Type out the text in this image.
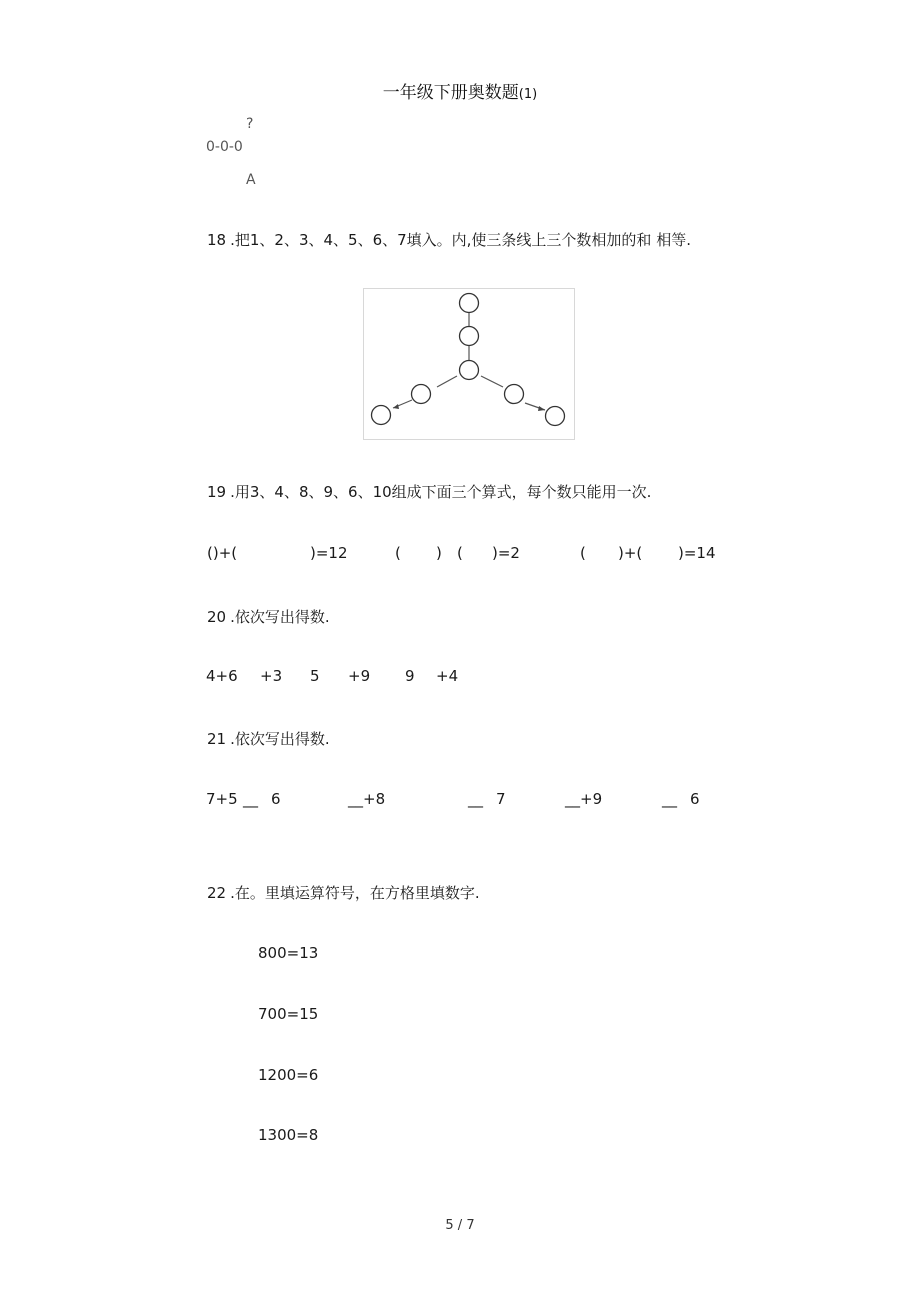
一年级下册奥数题(1)
?
0-0-0
A
18 .把1、2、3、4、5、6、7填入。内,使三条线上三个数相加的和 相等.
19 .用3、4、8、9、6、10组成下面三个算式，每个数只能用一次.
()+(	)=12	( ) ( )=2	( )+( )=14
20 .依次写出得数.
4+6 +3 5 +9 9 +4
21 .依次写出得数.
7+5 __ 6	__+8	__ 7	__+9	__ 6
22 .在。里填运算符号，在方格里填数字.
800=13
700=15
1200=6
1300=8
5 / 7
